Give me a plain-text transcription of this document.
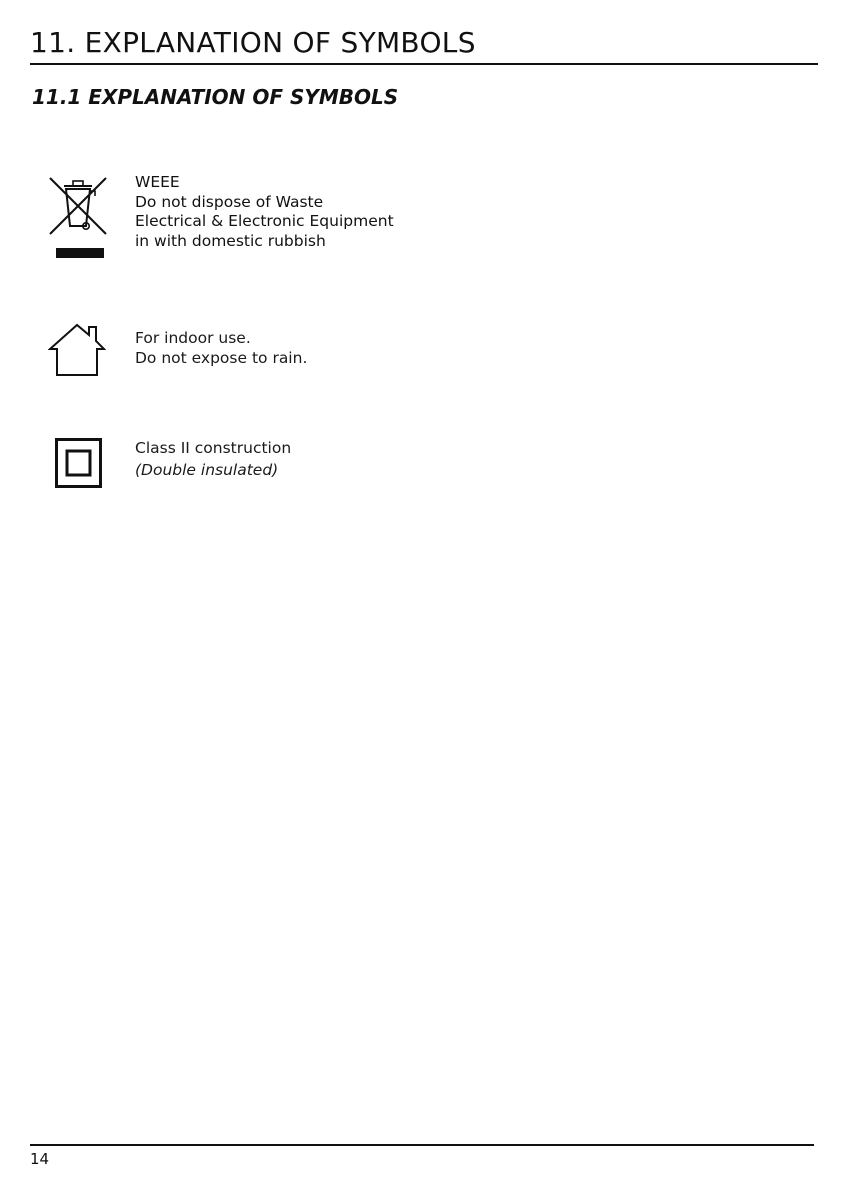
11. EXPLANATION OF SYMBOLS
11.1 EXPLANATION OF SYMBOLS
WEEE
Do not dispose of Waste
Electrical & Electronic Equipment
in with domestic rubbish
For indoor use.
Do not expose to rain.
Class II construction
(Double insulated)
14
